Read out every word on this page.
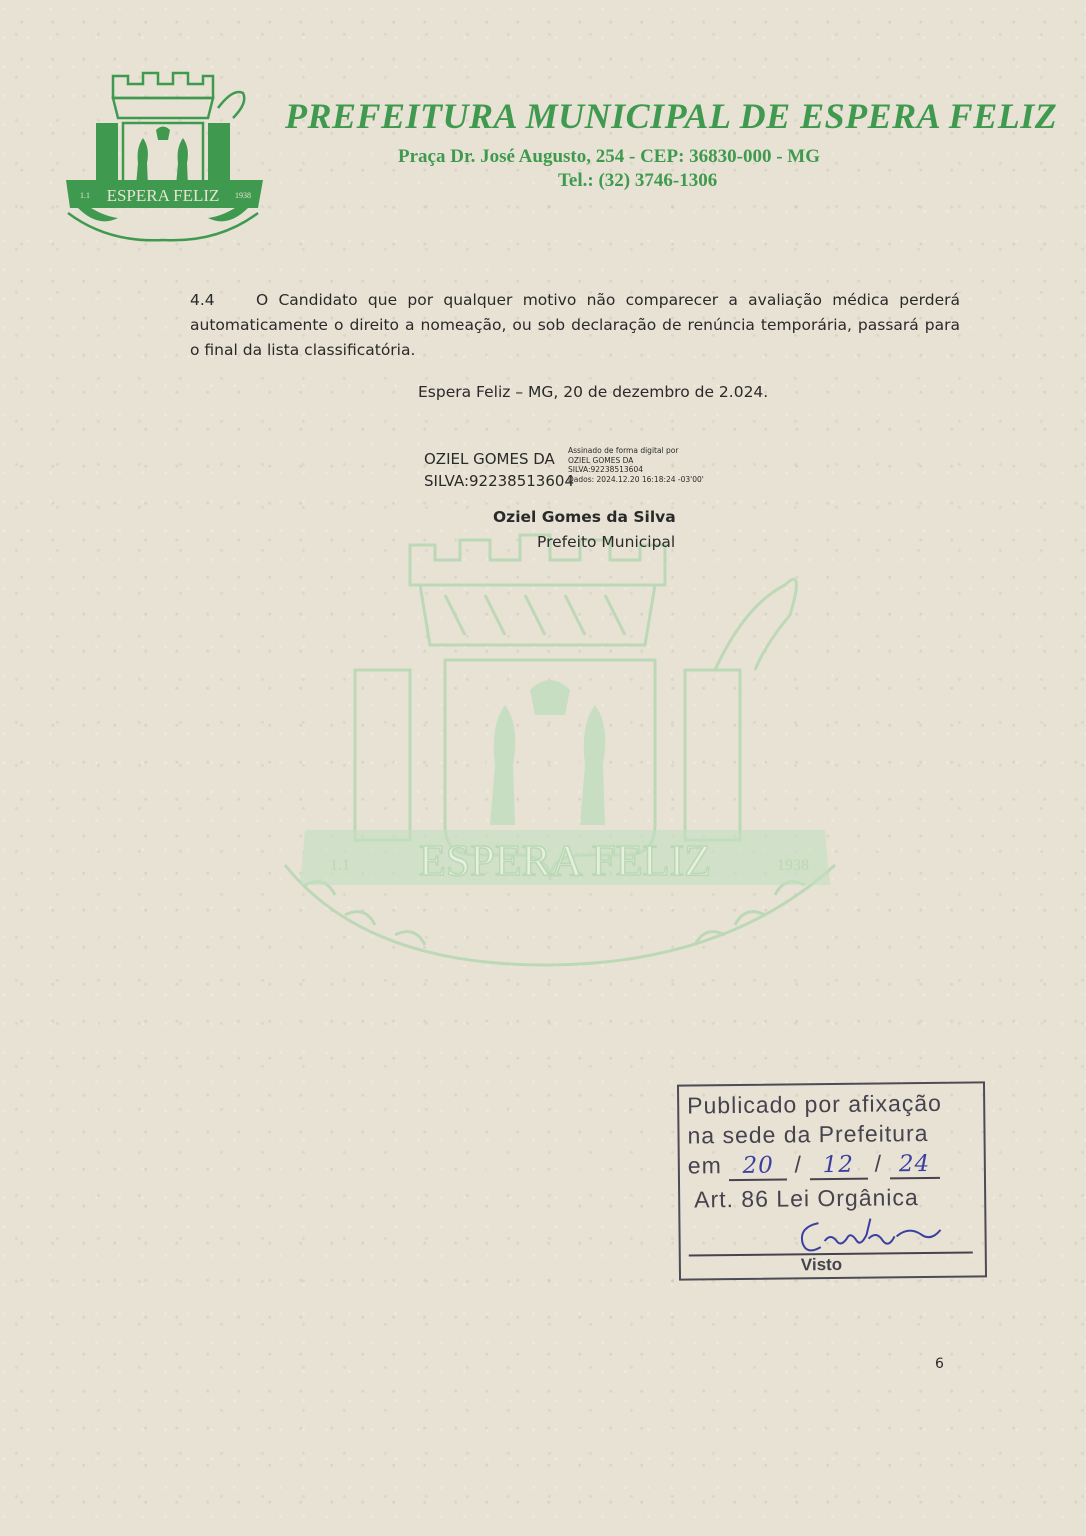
ESPERA FELIZ
1.1	1938
ESPERA FELIZ
1.1	1938
PREFEITURA MUNICIPAL DE ESPERA FELIZ
Praça Dr. José Augusto, 254 - CEP: 36830-000 - MG
Tel.: (32) 3746-1306
4.4	O Candidato que por qualquer motivo não comparecer a avaliação médica perderá automaticamente o direito a nomeação, ou sob declaração de renúncia temporária, passará para o final da lista classificatória.
Espera Feliz – MG, 20 de dezembro de 2.024.
OZIEL GOMES DA
SILVA:92238513604
Assinado de forma digital por
OZIEL GOMES DA
SILVA:92238513604
Dados: 2024.12.20 16:18:24 -03'00'
Oziel Gomes da Silva
Prefeito Municipal
Publicado por afixação
na sede da Prefeitura
em 20 / 12 / 24
Art. 86 Lei Orgânica
Visto
6
